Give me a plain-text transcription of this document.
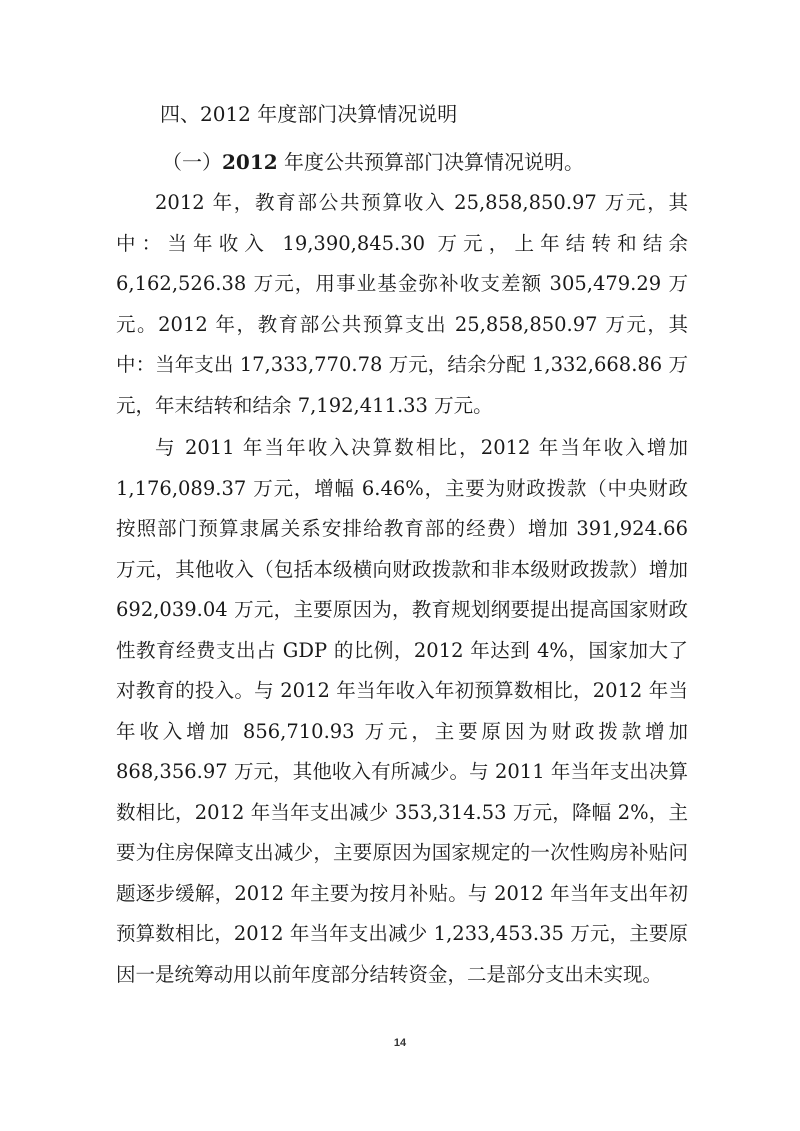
四、2012 年度部门决算情况说明
（一）2012 年度公共预算部门决算情况说明。

2012 年，教育部公共预算收入 25,858,850.97 万元，其中：当年收入 19,390,845.30 万元，上年结转和结余 6,162,526.38 万元，用事业基金弥补收支差额 305,479.29 万元。2012 年，教育部公共预算支出 25,858,850.97 万元，其中：当年支出 17,333,770.78 万元，结余分配 1,332,668.86 万元，年末结转和结余 7,192,411.33 万元。

与 2011 年当年收入决算数相比，2012 年当年收入增加 1,176,089.37 万元，增幅 6.46%，主要为财政拨款（中央财政按照部门预算隶属关系安排给教育部的经费）增加 391,924.66 万元，其他收入（包括本级横向财政拨款和非本级财政拨款）增加 692,039.04 万元，主要原因为，教育规划纲要提出提高国家财政性教育经费支出占 GDP 的比例，2012 年达到 4%，国家加大了对教育的投入。与 2012 年当年收入年初预算数相比，2012 年当年收入增加 856,710.93 万元，主要原因为财政拨款增加 868,356.97 万元，其他收入有所减少。与 2011 年当年支出决算数相比，2012 年当年支出减少 353,314.53 万元，降幅 2%，主要为住房保障支出减少，主要原因为国家规定的一次性购房补贴问题逐步缓解，2012 年主要为按月补贴。与 2012 年当年支出年初预算数相比，2012 年当年支出减少 1,233,453.35 万元，主要原因一是统筹动用以前年度部分结转资金，二是部分支出未实现。

14
